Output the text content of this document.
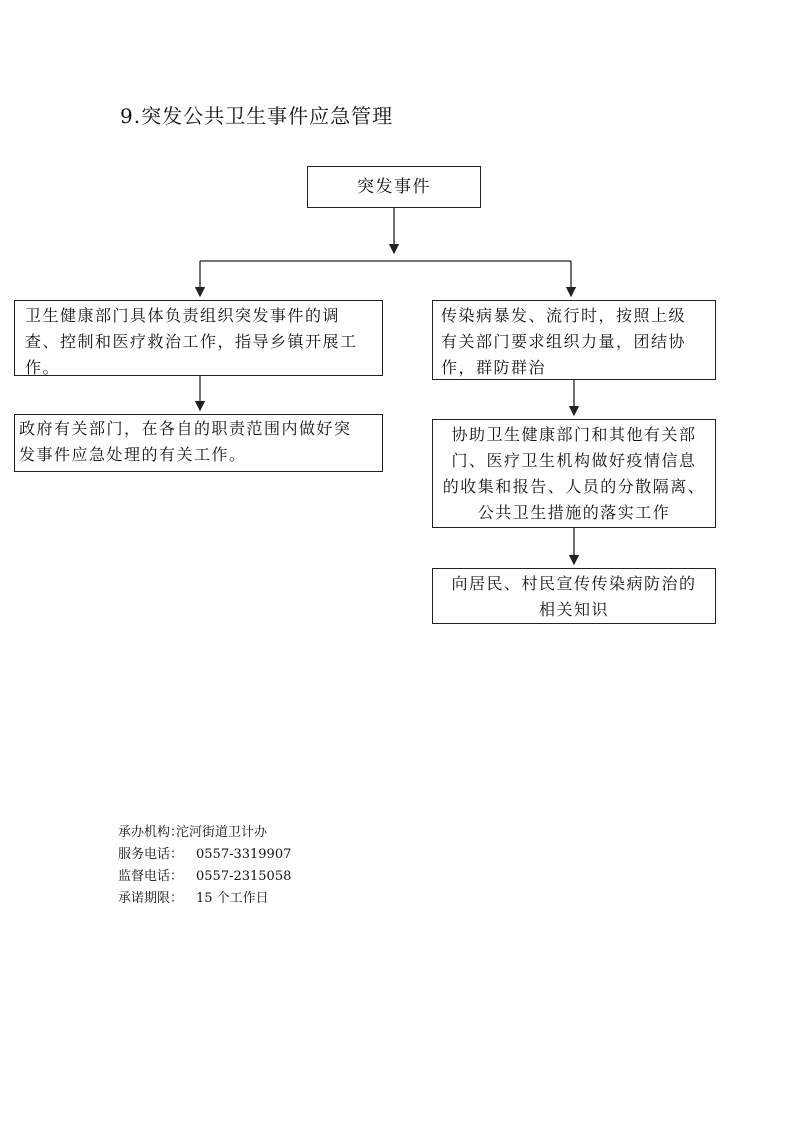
9.突发公共卫生事件应急管理
突发事件
卫生健康部门具体负责组织突发事件的调
查、控制和医疗救治工作，指导乡镇开展工
作。
传染病暴发、流行时，按照上级
有关部门要求组织力量，团结协
作，群防群治
政府有关部门，在各自的职责范围内做好突
发事件应急处理的有关工作。
协助卫生健康部门和其他有关部
门、医疗卫生机构做好疫情信息
的收集和报告、人员的分散隔离、
公共卫生措施的落实工作
向居民、村民宣传传染病防治的
相关知识
承办机构：
沱河街道卫计办
服务电话： 0557-3319907
监督电话： 0557-2315058
承诺期限： 15 个工作日
